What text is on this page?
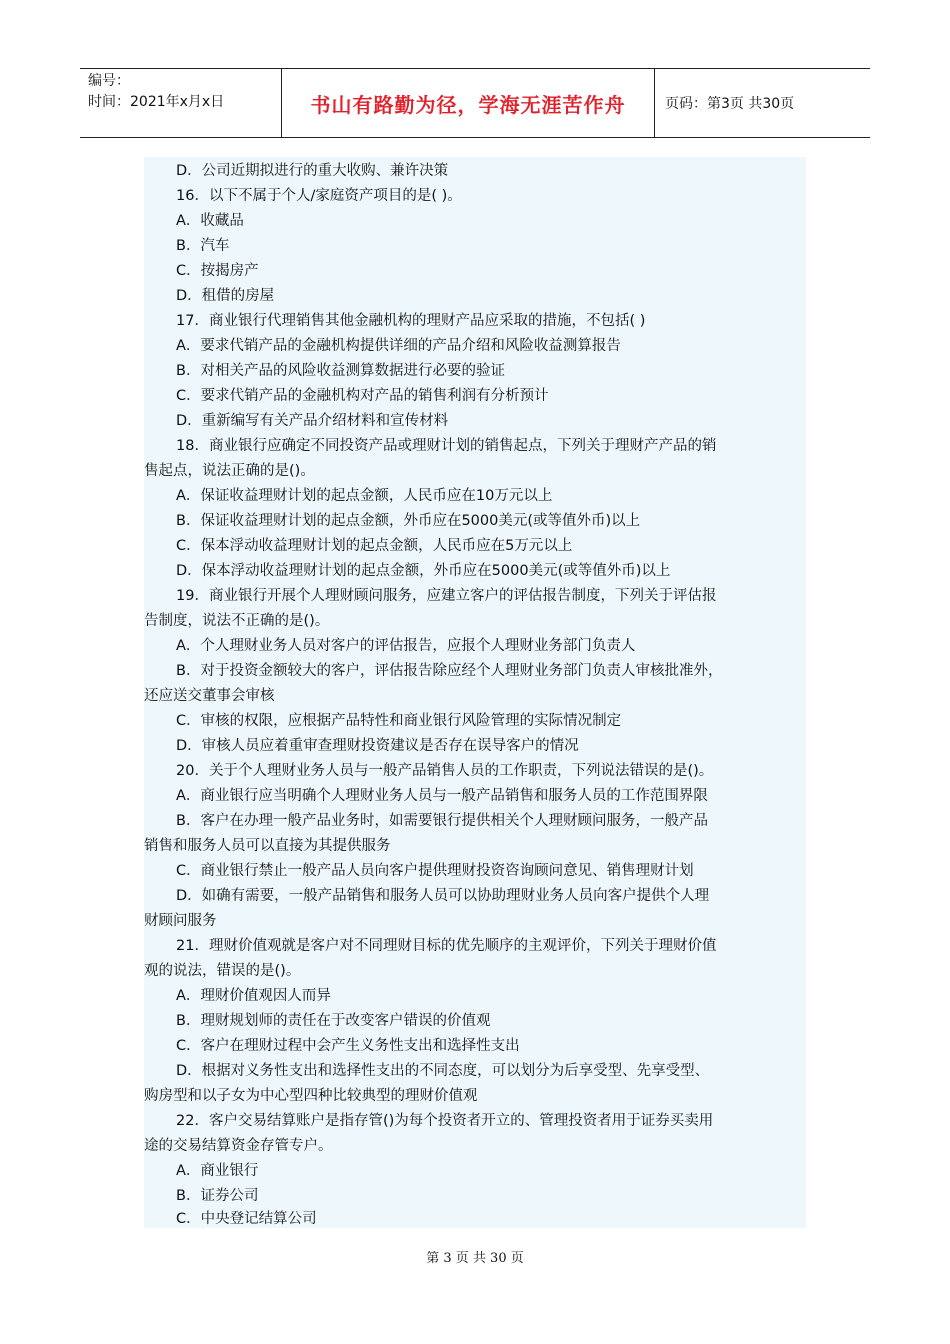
编号：
时间：2021年x月x日	书山有路勤为径，学海无涯苦作舟	页码：第3页 共30页
D．公司近期拟进行的重大收购、兼许决策
16．以下不属于个人/家庭资产项目的是( )。
A．收藏品
B．汽车
C．按揭房产
D．租借的房屋
17．商业银行代理销售其他金融机构的理财产品应采取的措施，不包括( )
A．要求代销产品的金融机构提供详细的产品介绍和风险收益测算报告
B．对相关产品的风险收益测算数据进行必要的验证
C．要求代销产品的金融机构对产品的销售利润有分析预计
D．重新编写有关产品介绍材料和宣传材料
18．商业银行应确定不同投资产品或理财计划的销售起点，下列关于理财产产品的销
售起点，说法正确的是()。
A．保证收益理财计划的起点金额，人民币应在10万元以上
B．保证收益理财计划的起点金额，外币应在5000美元(或等值外币)以上
C．保本浮动收益理财计划的起点金额，人民币应在5万元以上
D．保本浮动收益理财计划的起点金额，外币应在5000美元(或等值外币)以上
19．商业银行开展个人理财顾问服务，应建立客户的评估报告制度，下列关于评估报
告制度，说法不正确的是()。
A．个人理财业务人员对客户的评估报告，应报个人理财业务部门负责人
B．对于投资金额较大的客户，评估报告除应经个人理财业务部门负责人审核批准外，
还应送交董事会审核
C．审核的权限，应根据产品特性和商业银行风险管理的实际情况制定
D．审核人员应着重审查理财投资建议是否存在误导客户的情况
20．关于个人理财业务人员与一般产品销售人员的工作职责，下列说法错误的是()。
A．商业银行应当明确个人理财业务人员与一般产品销售和服务人员的工作范围界限
B．客户在办理一般产品业务时，如需要银行提供相关个人理财顾问服务，一般产品
销售和服务人员可以直接为其提供服务
C．商业银行禁止一般产品人员向客户提供理财投资咨询顾问意见、销售理财计划
D．如确有需要，一般产品销售和服务人员可以协助理财业务人员向客户提供个人理
财顾问服务
21．理财价值观就是客户对不同理财目标的优先顺序的主观评价，下列关于理财价值
观的说法，错误的是()。
A．理财价值观因人而异
B．理财规划师的责任在于改变客户错误的价值观
C．客户在理财过程中会产生义务性支出和选择性支出
D．根据对义务性支出和选择性支出的不同态度，可以划分为后享受型、先享受型、
购房型和以子女为中心型四种比较典型的理财价值观
22．客户交易结算账户是指存管()为每个投资者开立的、管理投资者用于证券买卖用
途的交易结算资金存管专户。
A．商业银行
B．证券公司
C．中央登记结算公司
第 3 页 共 30 页
